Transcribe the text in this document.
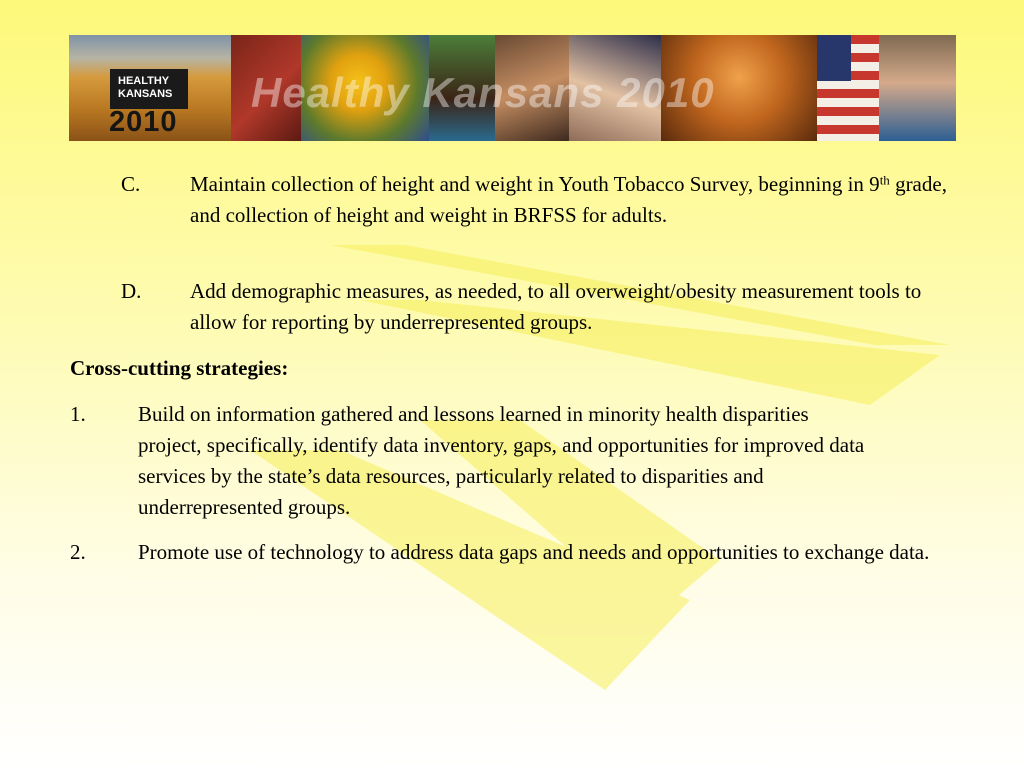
HEALTHY
KANSANS
2010
Healthy Kansans 2010
C. Maintain collection of height and weight in Youth Tobacco Survey, beginning in 9th grade, and collection of height and weight in BRFSS for adults.
D. Add demographic measures, as needed, to all overweight/obesity measurement tools to allow for reporting by underrepresented groups.
Cross-cutting strategies:
1. Build on information gathered and lessons learned in minority health disparities project, specifically, identify data inventory, gaps, and opportunities for improved data services by the state’s data resources, particularly related to disparities and underrepresented groups.
2. Promote use of technology to address data gaps and needs and opportunities to exchange data.
